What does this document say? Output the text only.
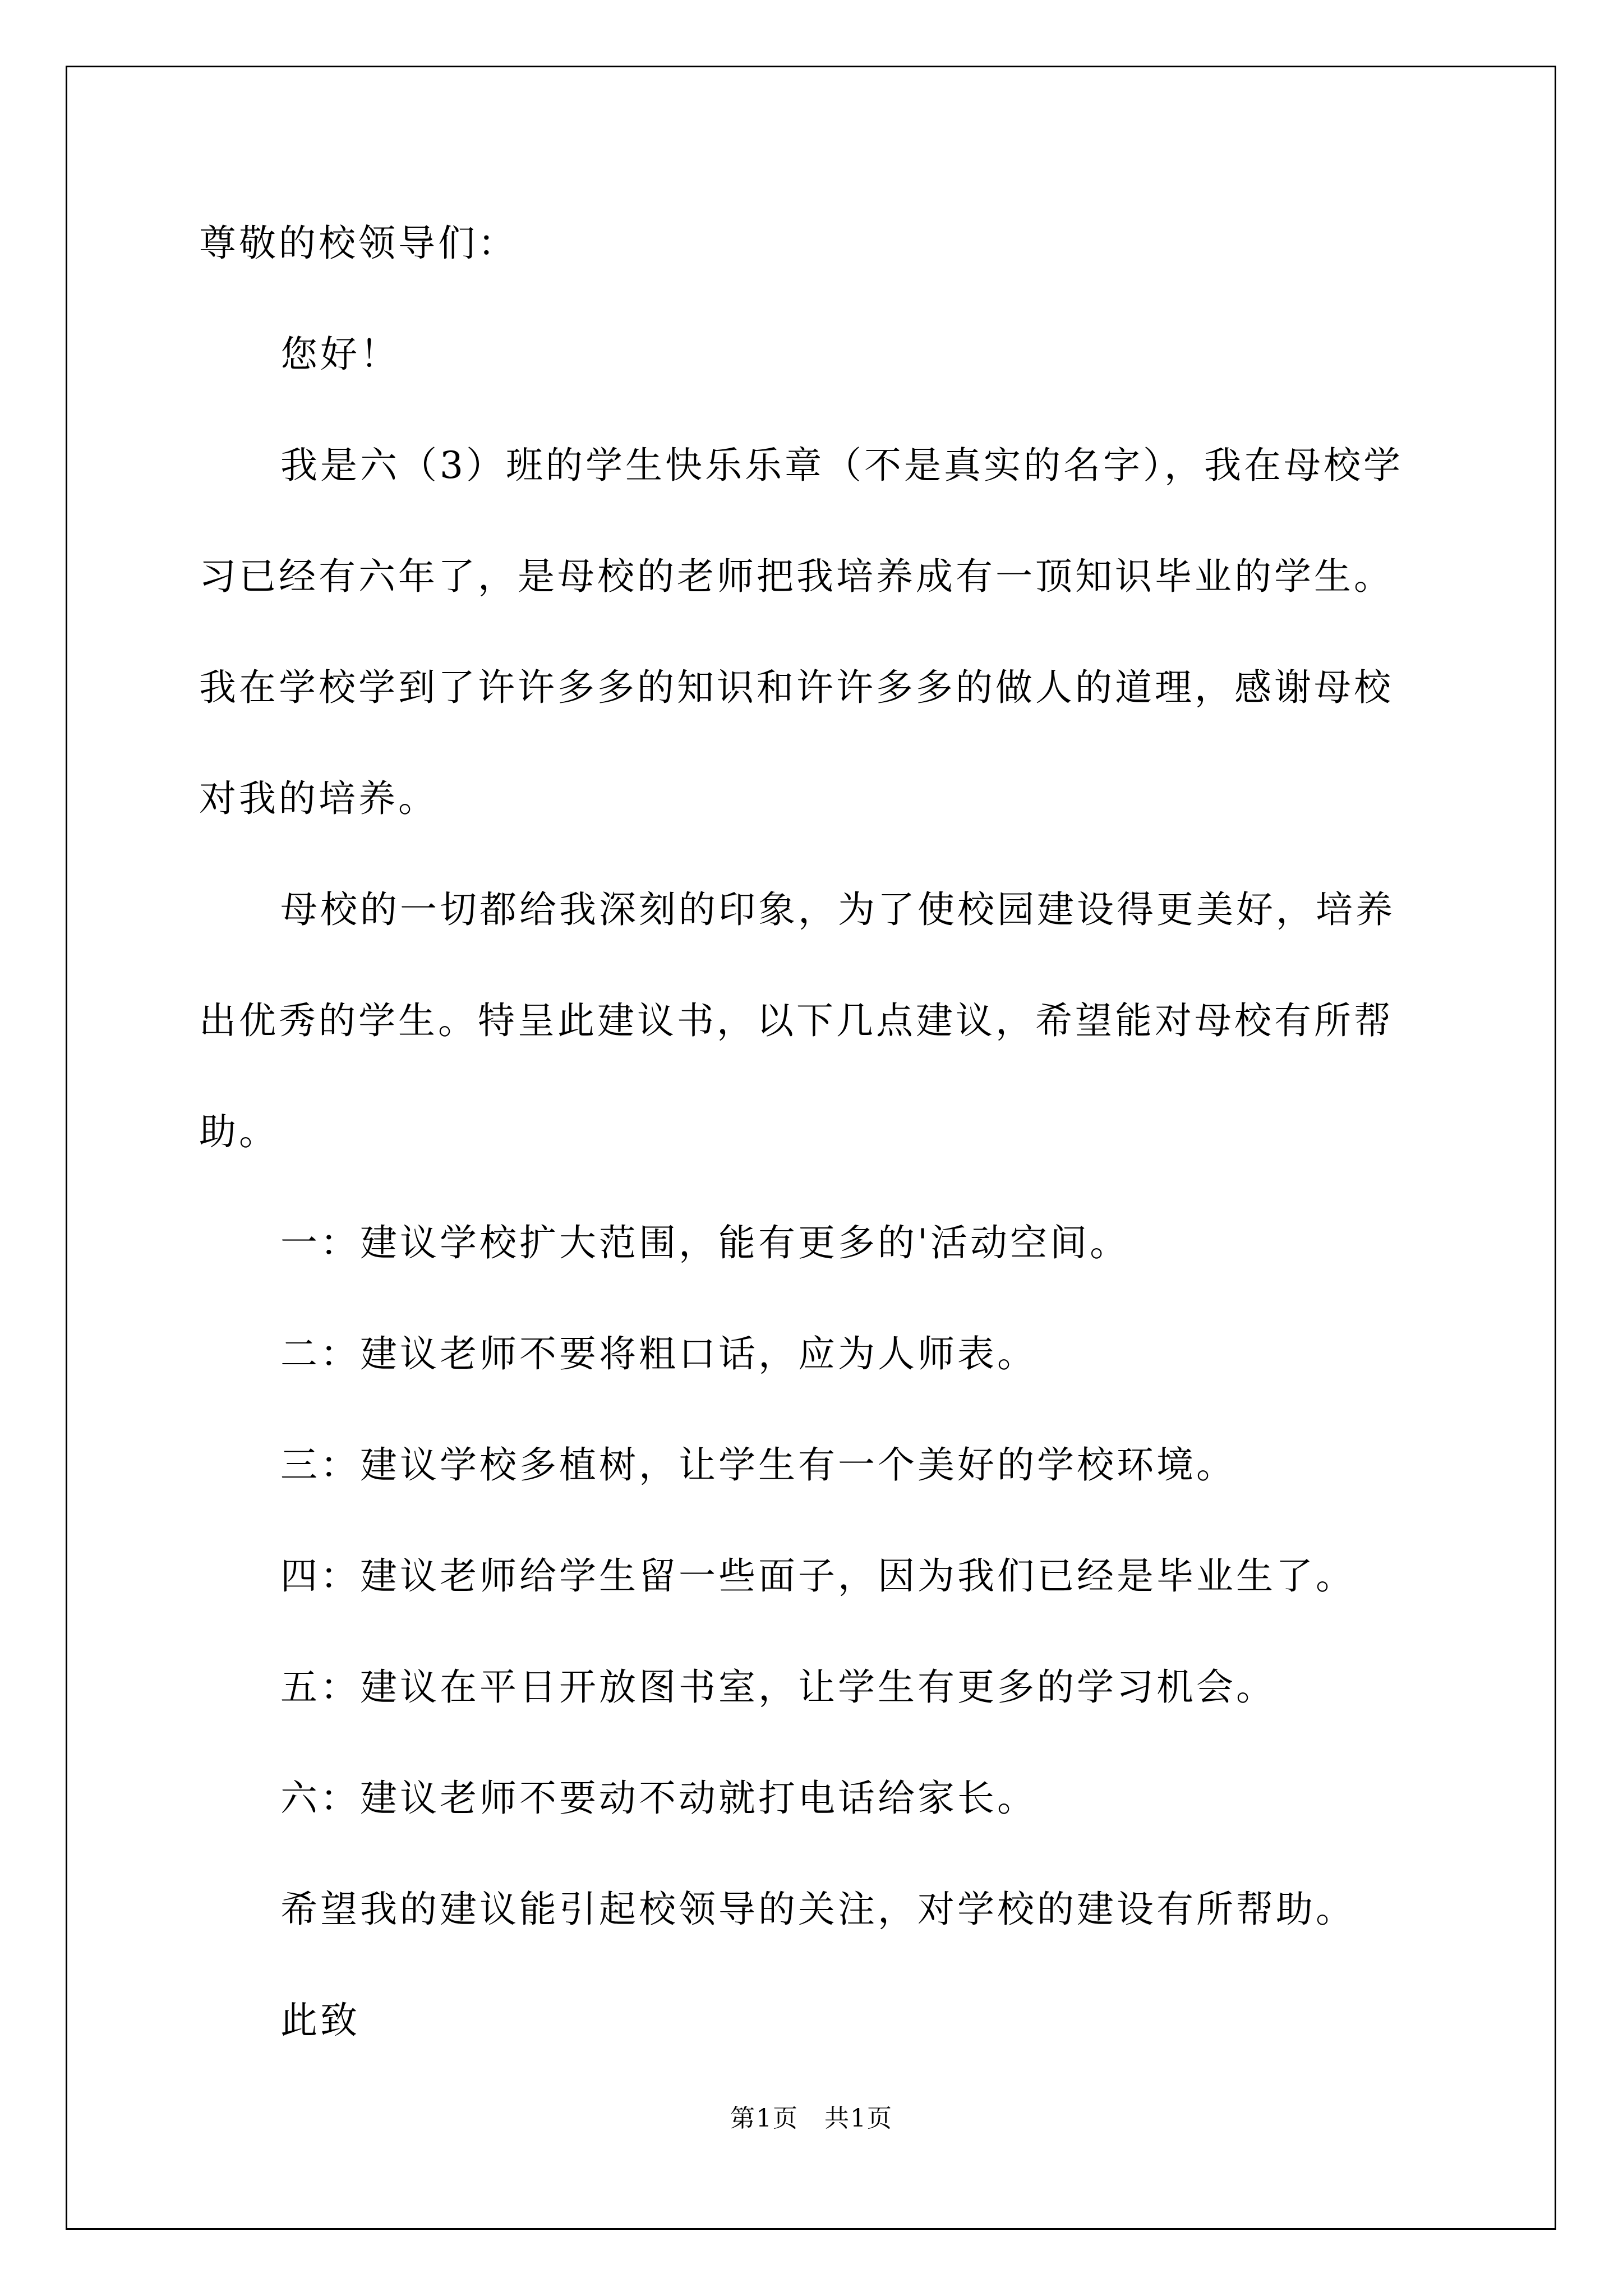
尊敬的校领导们：
您好！
我是六（3）班的学生快乐乐章（不是真实的名字），我在母校学
习已经有六年了，是母校的老师把我培养成有一顶知识毕业的学生。
我在学校学到了许许多多的知识和许许多多的做人的道理，感谢母校
对我的培养。
母校的一切都给我深刻的印象，为了使校园建设得更美好，培养
出优秀的学生。特呈此建议书，以下几点建议，希望能对母校有所帮
助。
一：建议学校扩大范围，能有更多的'活动空间。
二：建议老师不要将粗口话，应为人师表。
三：建议学校多植树，让学生有一个美好的学校环境。
四：建议老师给学生留一些面子，因为我们已经是毕业生了。
五：建议在平日开放图书室，让学生有更多的学习机会。
六：建议老师不要动不动就打电话给家长。
希望我的建议能引起校领导的关注，对学校的建设有所帮助。
此致
第1页　共1页
